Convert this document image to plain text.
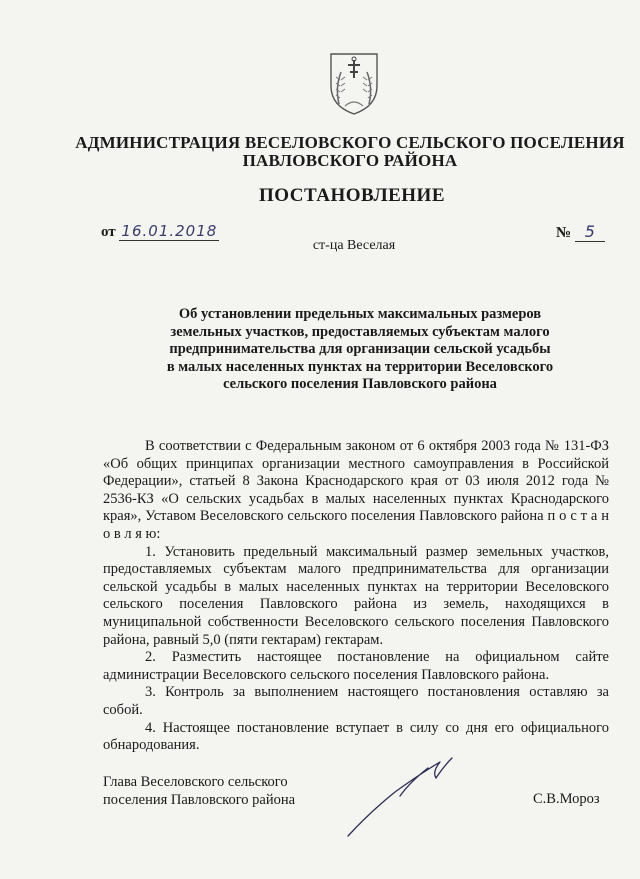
АДМИНИСТРАЦИЯ ВЕСЕЛОВСКОГО СЕЛЬСКОГО ПОСЕЛЕНИЯ
ПАВЛОВСКОГО РАЙОНА
ПОСТАНОВЛЕНИЕ
от 16.01.2018	№ 5
ст-ца Веселая
Об установлении предельных максимальных размеров
земельных участков, предоставляемых субъектам малого
предпринимательства для организации сельской усадьбы
в малых населенных пунктах на территории Веселовского
сельского поселения Павловского района

В соответствии с Федеральным законом от 6 октября 2003 года № 131-ФЗ «Об общих принципах организации местного самоуправления в Российской Федерации», статьей 8 Закона Краснодарского края от 03 июля 2012 года № 2536-КЗ «О сельских усадьбах в малых населенных пунктах Краснодарского края», Уставом Веселовского сельского поселения Павловского района п о с т а н о в л я ю:

1. Установить предельный максимальный размер земельных участков, предоставляемых субъектам малого предпринимательства для организации сельской усадьбы в малых населенных пунктах на территории Веселовского сельского поселения Павловского района из земель, находящихся в муниципальной собственности Веселовского сельского поселения Павловского района, равный 5,0 (пяти гектарам) гектарам.

2. Разместить настоящее постановление на официальном сайте администрации Веселовского сельского поселения Павловского района.

3. Контроль за выполнением настоящего постановления оставляю за собой.

4. Настоящее постановление вступает в силу со дня его официального обнародования.

Глава Веселовского сельского
поселения Павловского района	С.В.Мороз
